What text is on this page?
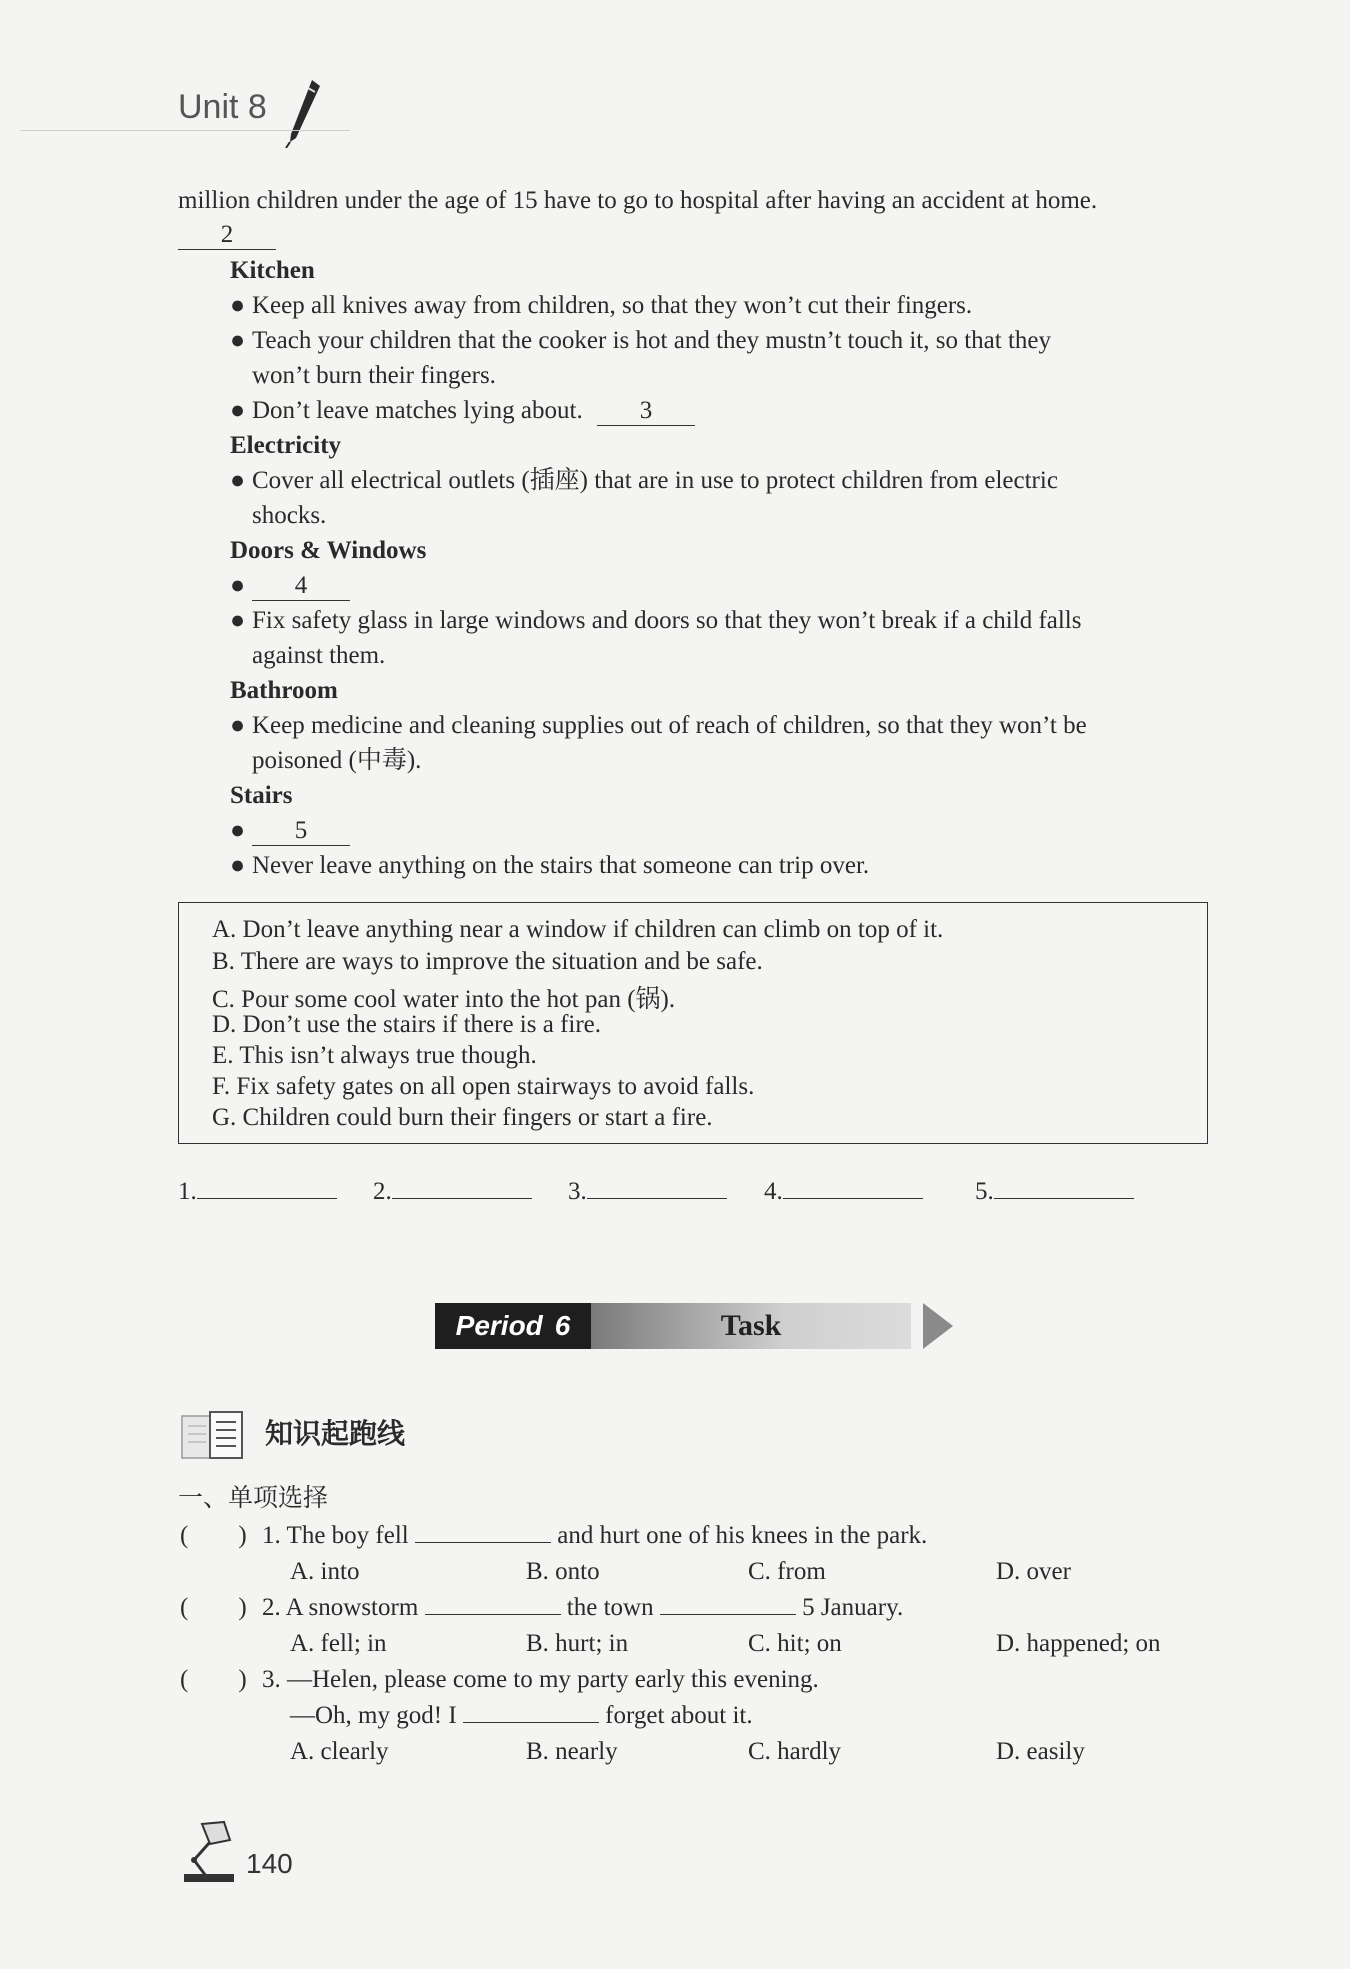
Unit 8
million children under the age of 15 have to go to hospital after having an accident at home.
2
Kitchen
● Keep all knives away from children, so that they won’t cut their fingers.
● Teach your children that the cooker is hot and they mustn’t touch it, so that they
won’t burn their fingers.
● Don’t leave matches lying about. 3
Electricity
● Cover all electrical outlets (插座) that are in use to protect children from electric
shocks.
Doors & Windows
● 4
● Fix safety glass in large windows and doors so that they won’t break if a child falls
against them.
Bathroom
● Keep medicine and cleaning supplies out of reach of children, so that they won’t be
poisoned (中毒).
Stairs
● 5
● Never leave anything on the stairs that someone can trip over.
A. Don’t leave anything near a window if children can climb on top of it.
B. There are ways to improve the situation and be safe.
C. Pour some cool water into the hot pan (锅).
D. Don’t use the stairs if there is a fire.
E. This isn’t always true though.
F. Fix safety gates on all open stairways to avoid falls.
G. Children could burn their fingers or start a fire.
1.	2.	3.	4.	5.
Period 6	Task
知识起跑线
一、单项选择
( ) 1. The boy fell	and hurt one of his knees in the park.
A. into	B. onto	C. from	D. over
( ) 2. A snowstorm	the town	5 January.
A. fell; in	B. hurt; in	C. hit; on	D. happened; on
( ) 3. —Helen, please come to my party early this evening.
—Oh, my god! I	forget about it.
A. clearly	B. nearly	C. hardly	D. easily
140
